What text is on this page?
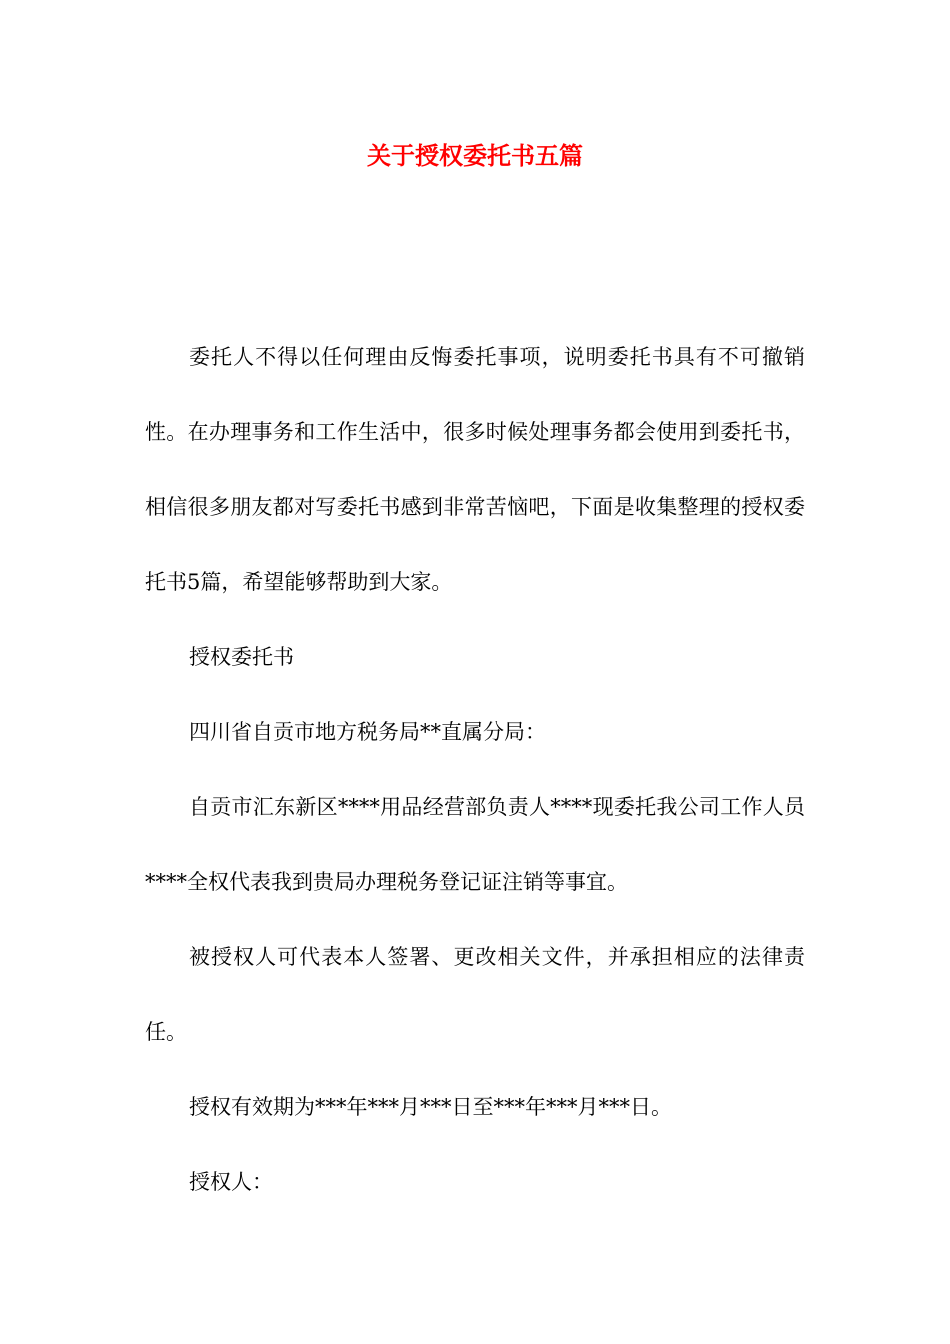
关于授权委托书五篇

委托人不得以任何理由反悔委托事项，说明委托书具有不可撤销性。在办理事务和工作生活中，很多时候处理事务都会使用到委托书，相信很多朋友都对写委托书感到非常苦恼吧，下面是收集整理的授权委托书5篇，希望能够帮助到大家。

授权委托书

四川省自贡市地方税务局**直属分局：

自贡市汇东新区****用品经营部负责人****现委托我公司工作人员****全权代表我到贵局办理税务登记证注销等事宜。

被授权人可代表本人签署、更改相关文件，并承担相应的法律责任。

授权有效期为***年***月***日至***年***月***日。

授权人：
